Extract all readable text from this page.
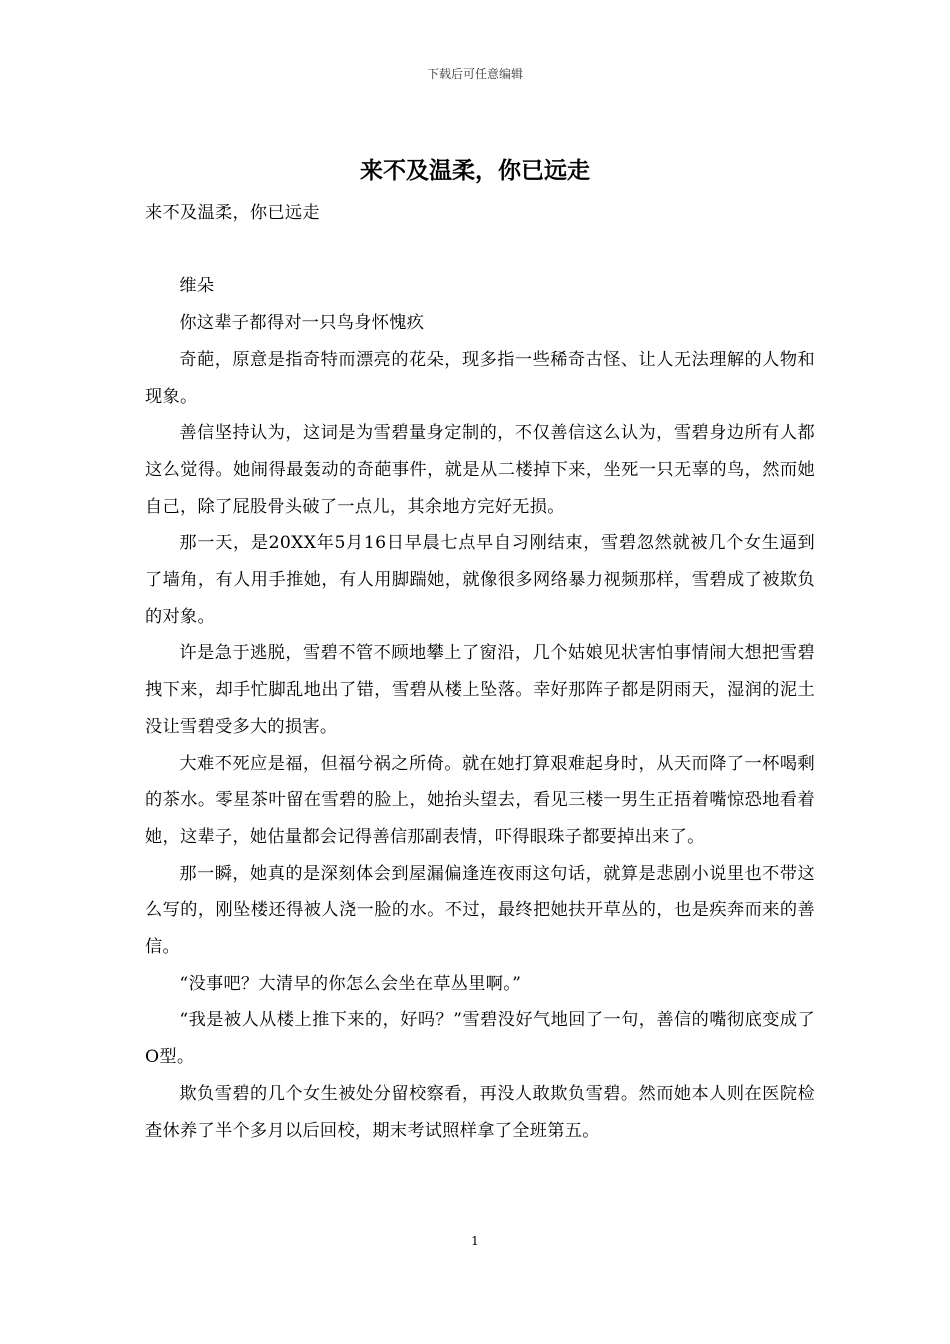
下载后可任意编辑
来不及温柔，你已远走

来不及温柔，你已远走

维朵

你这辈子都得对一只鸟身怀愧疚

奇葩，原意是指奇特而漂亮的花朵，现多指一些稀奇古怪、让人无法理解的人物和现象。

善信坚持认为，这词是为雪碧量身定制的，不仅善信这么认为，雪碧身边所有人都这么觉得。她闹得最轰动的奇葩事件，就是从二楼掉下来，坐死一只无辜的鸟，然而她自己，除了屁股骨头破了一点儿，其余地方完好无损。

那一天，是20XX年5月16日早晨七点早自习刚结束，雪碧忽然就被几个女生逼到了墙角，有人用手推她，有人用脚踹她，就像很多网络暴力视频那样，雪碧成了被欺负的对象。

许是急于逃脱，雪碧不管不顾地攀上了窗沿，几个姑娘见状害怕事情闹大想把雪碧拽下来，却手忙脚乱地出了错，雪碧从楼上坠落。幸好那阵子都是阴雨天，湿润的泥土没让雪碧受多大的损害。

大难不死应是福，但福兮祸之所倚。就在她打算艰难起身时，从天而降了一杯喝剩的茶水。零星茶叶留在雪碧的脸上，她抬头望去，看见三楼一男生正捂着嘴惊恐地看着她，这辈子，她估量都会记得善信那副表情，吓得眼珠子都要掉出来了。

那一瞬，她真的是深刻体会到屋漏偏逢连夜雨这句话，就算是悲剧小说里也不带这么写的，刚坠楼还得被人浇一脸的水。不过，最终把她扶开草丛的，也是疾奔而来的善信。

“没事吧？大清早的你怎么会坐在草丛里啊。”

“我是被人从楼上推下来的，好吗？”雪碧没好气地回了一句，善信的嘴彻底变成了O型。

欺负雪碧的几个女生被处分留校察看，再没人敢欺负雪碧。然而她本人则在医院检查休养了半个多月以后回校，期末考试照样拿了全班第五。

1
